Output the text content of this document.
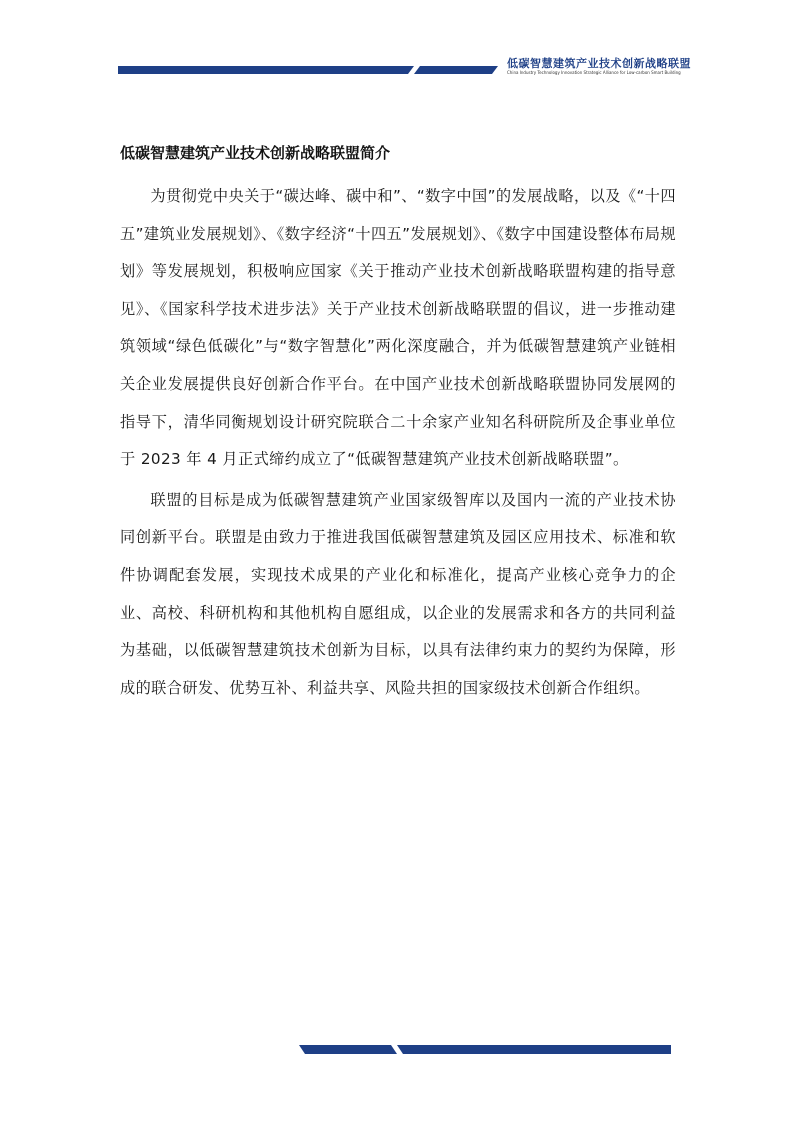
低碳智慧建筑产业技术创新战略联盟
China Industry Technology Innovation Strategic Alliance for Low-carbon Smart Building
低碳智慧建筑产业技术创新战略联盟简介

为贯彻党中央关于“碳达峰、碳中和”、“数字中国”的发展战略，以及《“十四五”建筑业发展规划》、《数字经济“十四五”发展规划》、《数字中国建设整体布局规划》等发展规划，积极响应国家《关于推动产业技术创新战略联盟构建的指导意见》、《国家科学技术进步法》关于产业技术创新战略联盟的倡议，进一步推动建筑领域“绿色低碳化”与“数字智慧化”两化深度融合，并为低碳智慧建筑产业链相关企业发展提供良好创新合作平台。在中国产业技术创新战略联盟协同发展网的指导下，清华同衡规划设计研究院联合二十余家产业知名科研院所及企事业单位于 2023 年 4 月正式缔约成立了“低碳智慧建筑产业技术创新战略联盟”。

联盟的目标是成为低碳智慧建筑产业国家级智库以及国内一流的产业技术协同创新平台。联盟是由致力于推进我国低碳智慧建筑及园区应用技术、标准和软件协调配套发展，实现技术成果的产业化和标准化，提高产业核心竞争力的企业、高校、科研机构和其他机构自愿组成，以企业的发展需求和各方的共同利益为基础，以低碳智慧建筑技术创新为目标，以具有法律约束力的契约为保障，形成的联合研发、优势互补、利益共享、风险共担的国家级技术创新合作组织。
